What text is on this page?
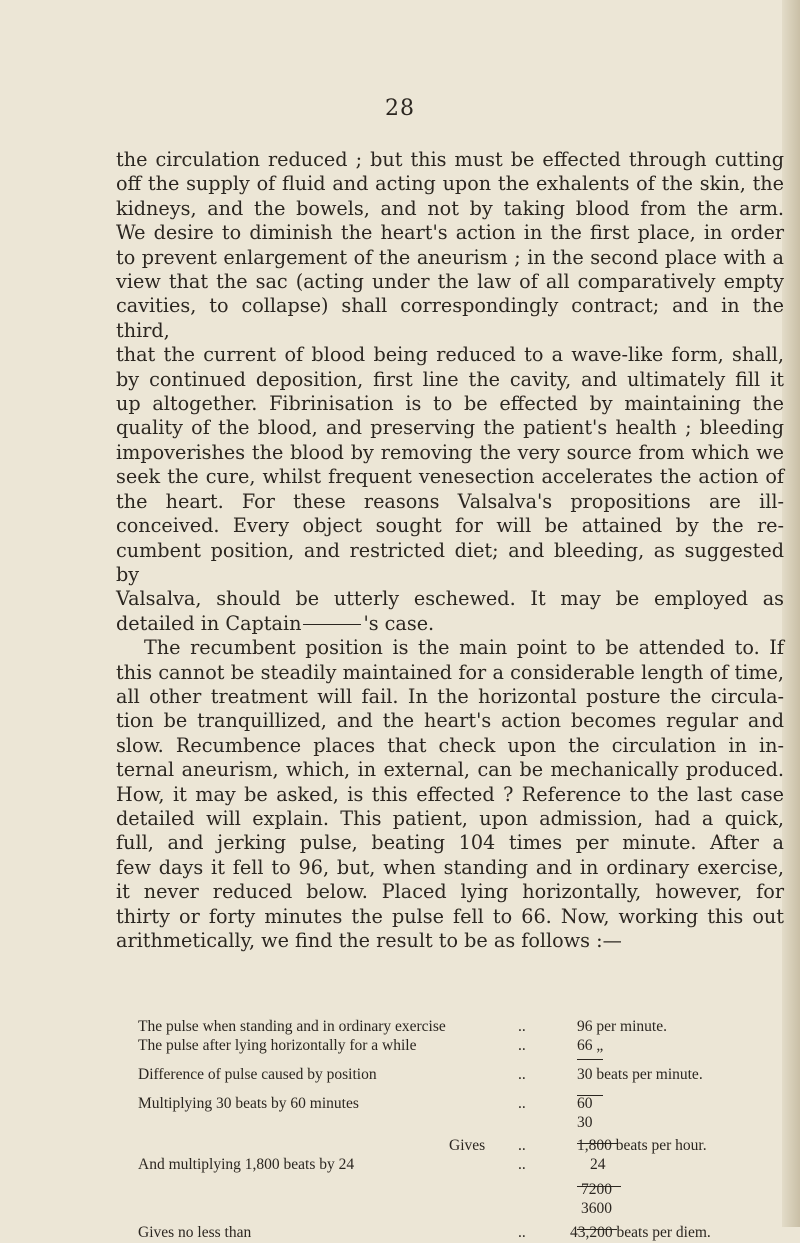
28
the circulation reduced ; but this must be effected through cutting
off the supply of fluid and acting upon the exhalents of the skin, the
kidneys, and the bowels, and not by taking blood from the arm.
We desire to diminish the heart's action in the first place, in order
to prevent enlargement of the aneurism ; in the second place with a
view that the sac (acting under the law of all comparatively empty
cavities, to collapse) shall correspondingly contract; and in the third,
that the current of blood being reduced to a wave-like form, shall,
by continued deposition, first line the cavity, and ultimately fill it
up altogether. Fibrinisation is to be effected by maintaining the
quality of the blood, and preserving the patient's health ; bleeding
impoverishes the blood by removing the very source from which we
seek the cure, whilst frequent venesection accelerates the action of
the heart. For these reasons Valsalva's propositions are ill-
conceived. Every object sought for will be attained by the re-
cumbent position, and restricted diet; and bleeding, as suggested by
Valsalva, should be utterly eschewed. It may be employed as
detailed in Captain	's case.
The recumbent position is the main point to be attended to. If
this cannot be steadily maintained for a considerable length of time,
all other treatment will fail. In the horizontal posture the circula-
tion be tranquillized, and the heart's action becomes regular and
slow. Recumbence places that check upon the circulation in in-
ternal aneurism, which, in external, can be mechanically produced.
How, it may be asked, is this effected ? Reference to the last case
detailed will explain. This patient, upon admission, had a quick,
full, and jerking pulse, beating 104 times per minute. After a
few days it fell to 96, but, when standing and in ordinary exercise,
it never reduced below. Placed lying horizontally, however, for
thirty or forty minutes the pulse fell to 66. Now, working this out
arithmetically, we find the result to be as follows :—
The pulse when standing and in ordinary exercise	..	96 per minute.
The pulse after lying horizontally for a while	..	66 „
Difference of pulse caused by position	..	30 beats per minute.
Multiplying 30 beats by 60 minutes	..	60
30
Gives ..	1,800 beats per hour.
And multiplying 1,800 beats by 24	..	24
7200
3600
Gives no less than	..	43,200 beats per diem.
